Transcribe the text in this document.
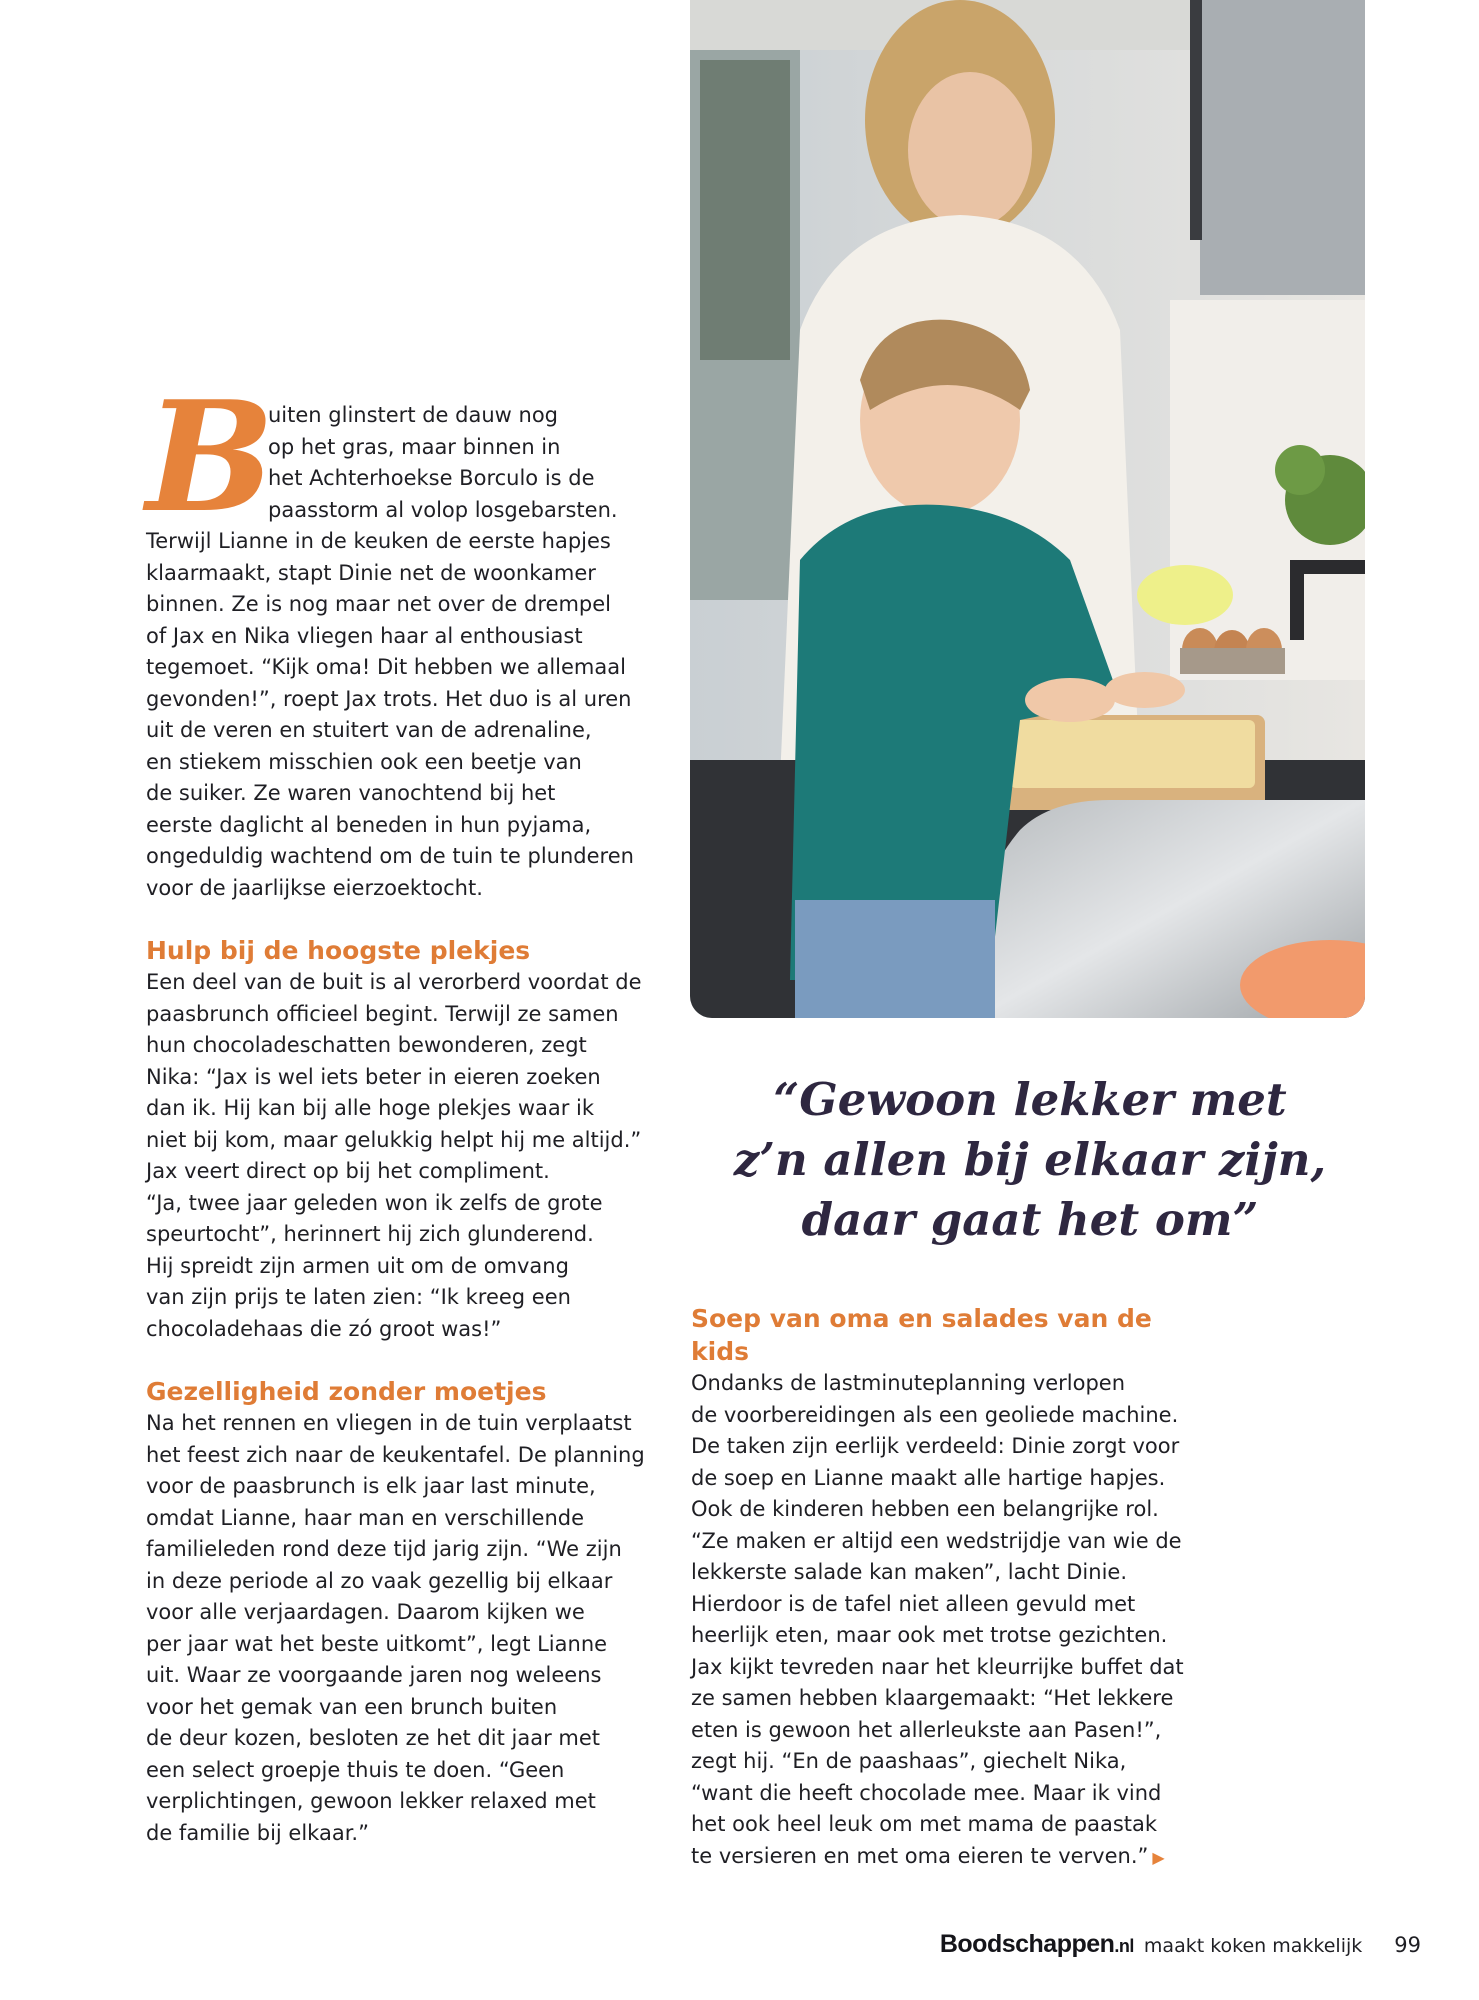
B

uiten glinstert de dauw nog
op het gras, maar binnen in
het Achterhoekse Borculo is de
paasstorm al volop losgebarsten.
Terwijl Lianne in de keuken de eerste hapjes
klaarmaakt, stapt Dinie net de woonkamer
binnen. Ze is nog maar net over de drempel
of Jax en Nika vliegen haar al enthousiast
tegemoet. “Kijk oma! Dit hebben we allemaal
gevonden!”, roept Jax trots. Het duo is al uren
uit de veren en stuitert van de adrenaline,
en stiekem misschien ook een beetje van
de suiker. Ze waren vanochtend bij het
eerste daglicht al beneden in hun pyjama,
ongeduldig wachtend om de tuin te plunderen
voor de jaarlijkse eierzoektocht.

Hulp bij de hoogste plekjes

Een deel van de buit is al verorberd voordat de
paasbrunch officieel begint. Terwijl ze samen
hun chocoladeschatten bewonderen, zegt
Nika: “Jax is wel iets beter in eieren zoeken
dan ik. Hij kan bij alle hoge plekjes waar ik
niet bij kom, maar gelukkig helpt hij me altijd.”
Jax veert direct op bij het compliment.
“Ja, twee jaar geleden won ik zelfs de grote
speurtocht”, herinnert hij zich glunderend.
Hij spreidt zijn armen uit om de omvang
van zijn prijs te laten zien: “Ik kreeg een
chocoladehaas die zó groot was!”

Gezelligheid zonder moetjes

Na het rennen en vliegen in de tuin verplaatst
het feest zich naar de keukentafel. De planning
voor de paasbrunch is elk jaar last minute,
omdat Lianne, haar man en verschillende
familieleden rond deze tijd jarig zijn. “We zijn
in deze periode al zo vaak gezellig bij elkaar
voor alle verjaardagen. Daarom kijken we
per jaar wat het beste uitkomt”, legt Lianne
uit. Waar ze voorgaande jaren nog weleens
voor het gemak van een brunch buiten
de deur kozen, besloten ze het dit jaar met
een select groepje thuis te doen. “Geen
verplichtingen, gewoon lekker relaxed met
de familie bij elkaar.”

“Gewoon lekker met
z’n allen bij elkaar zijn,
daar gaat het om”
Soep van oma en salades van de kids

Ondanks de lastminuteplanning verlopen
de voorbereidingen als een geoliede machine.
De taken zijn eerlijk verdeeld: Dinie zorgt voor
de soep en Lianne maakt alle hartige hapjes.
Ook de kinderen hebben een belangrijke rol.
“Ze maken er altijd een wedstrijdje van wie de
lekkerste salade kan maken”, lacht Dinie.
Hierdoor is de tafel niet alleen gevuld met
heerlijk eten, maar ook met trotse gezichten.
Jax kijkt tevreden naar het kleurrijke buffet dat
ze samen hebben klaargemaakt: “Het lekkere
eten is gewoon het allerleukste aan Pasen!”,
zegt hij. “En de paashaas”, giechelt Nika,
“want die heeft chocolade mee. Maar ik vind
het ook heel leuk om met mama de paastak
te versieren en met oma eieren te verven.” ▶

Boodschappen.nl maakt koken makkelijk 99
